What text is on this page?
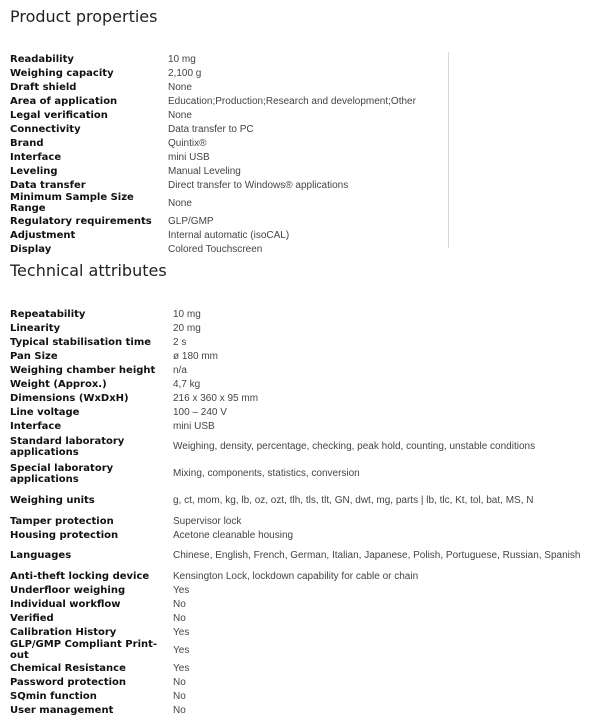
Product properties
Readability	10 mg
Weighing capacity	2,100 g
Draft shield	None
Area of application	Education;Production;Research and development;Other
Legal verification	None
Connectivity	Data transfer to PC
Brand	Quintix®
Interface	mini USB
Leveling	Manual Leveling
Data transfer	Direct transfer to Windows® applications
Minimum Sample Size Range	None
Regulatory requirements	GLP/GMP
Adjustment	Internal automatic (isoCAL)
Display	Colored Touchscreen
Technical attributes
Repeatability	10 mg
Linearity	20 mg
Typical stabilisation time	2 s
Pan Size	ø 180 mm
Weighing chamber height	n/a
Weight (Approx.)	4,7 kg
Dimensions (WxDxH)	216 x 360 x 95 mm
Line voltage	100 – 240 V
Interface	mini USB
Standard laboratory applications	Weighing, density, percentage, checking, peak hold, counting, unstable conditions
Special laboratory applications	Mixing, components, statistics, conversion
Weighing units	g, ct, mom, kg, lb, oz, ozt, tlh, tls, tlt, GN, dwt, mg, parts | lb, tlc, Kt, tol, bat, MS, N
Tamper protection	Supervisor lock
Housing protection	Acetone cleanable housing
Languages	Chinese, English, French, German, Italian, Japanese, Polish, Portuguese, Russian, Spanish
Anti-theft locking device	Kensington Lock, lockdown capability for cable or chain
Underfloor weighing	Yes
Individual workflow	No
Verified	No
Calibration History	Yes
GLP/GMP Compliant Print-out	Yes
Chemical Resistance	Yes
Password protection	No
SQmin function	No
User management	No
